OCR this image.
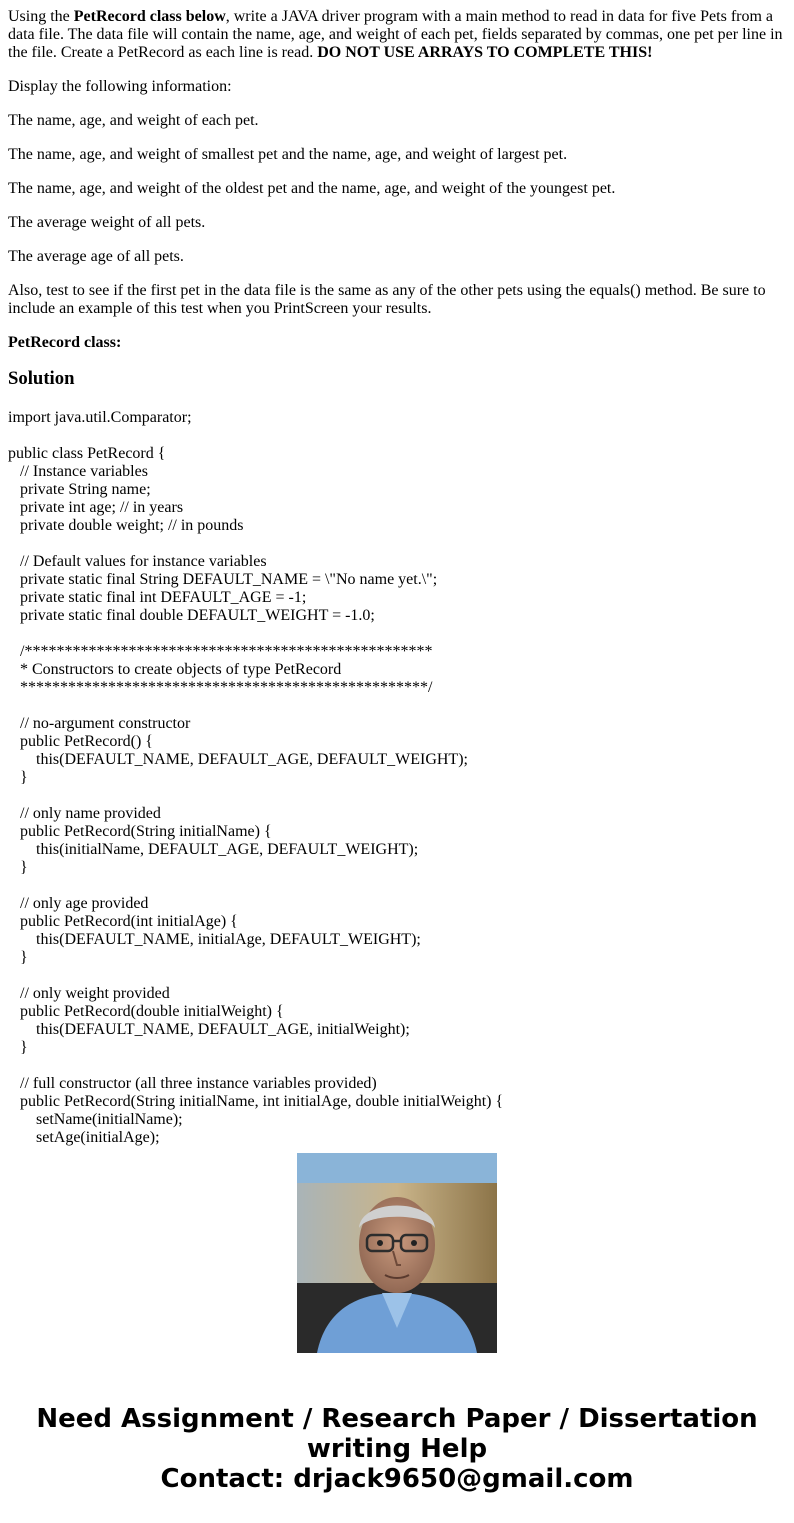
Using the PetRecord class below, write a JAVA driver program with a main method to read in data for five Pets from a data file. The data file will contain the name, age, and weight of each pet, fields separated by commas, one pet per line in the file. Create a PetRecord as each line is read. DO NOT USE ARRAYS TO COMPLETE THIS!

Display the following information:

The name, age, and weight of each pet.

The name, age, and weight of smallest pet and the name, age, and weight of largest pet.

The name, age, and weight of the oldest pet and the name, age, and weight of the youngest pet.

The average weight of all pets.

The average age of all pets.

Also, test to see if the first pet in the data file is the same as any of the other pets using the equals() method. Be sure to include an example of this test when you PrintScreen your results.

PetRecord class:

Solution
import java.util.Comparator;

public class PetRecord {
// Instance variables
private String name;
private int age; // in years
private double weight; // in pounds

// Default values for instance variables
private static final String DEFAULT_NAME = \"No name yet.\";
private static final int DEFAULT_AGE = -1;
private static final double DEFAULT_WEIGHT = -1.0;

/***************************************************
* Constructors to create objects of type PetRecord
***************************************************/

// no-argument constructor
public PetRecord() {
this(DEFAULT_NAME, DEFAULT_AGE, DEFAULT_WEIGHT);
}

// only name provided
public PetRecord(String initialName) {
this(initialName, DEFAULT_AGE, DEFAULT_WEIGHT);
}

// only age provided
public PetRecord(int initialAge) {
this(DEFAULT_NAME, initialAge, DEFAULT_WEIGHT);
}

// only weight provided
public PetRecord(double initialWeight) {
this(DEFAULT_NAME, DEFAULT_AGE, initialWeight);
}

// full constructor (all three instance variables provided)
public PetRecord(String initialName, int initialAge, double initialWeight) {
setName(initialName);
setAge(initialAge);
Need Assignment / Research Paper / Dissertation
writing Help
Contact: drjack9650@gmail.com
